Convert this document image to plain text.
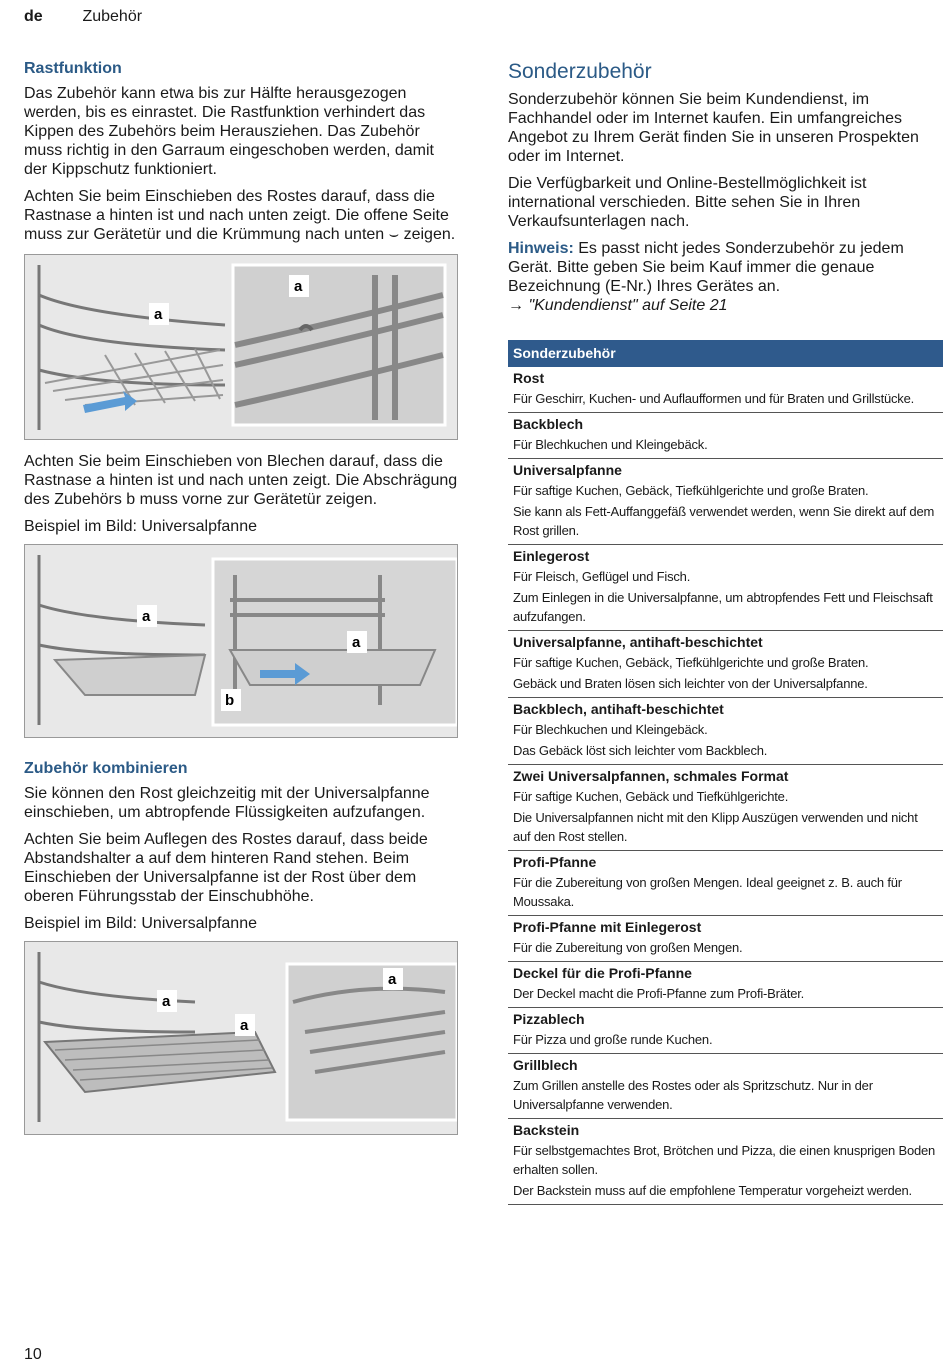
de Zubehör
Rastfunktion

Das Zubehör kann etwa bis zur Hälfte herausgezogen werden, bis es einrastet. Die Rastfunktion verhindert das Kippen des Zubehörs beim Herausziehen. Das Zubehör muss richtig in den Garraum eingeschoben werden, damit der Kippschutz funktioniert.

Achten Sie beim Einschieben des Rostes darauf, dass die Rastnase a hinten ist und nach unten zeigt. Die offene Seite muss zur Gerätetür und die Krümmung nach unten ⌣ zeigen.

a
a

Achten Sie beim Einschieben von Blechen darauf, dass die Rastnase a hinten ist und nach unten zeigt. Die Abschrägung des Zubehörs b muss vorne zur Gerätetür zeigen.

Beispiel im Bild: Universalpfanne

a
a
b
Zubehör kombinieren

Sie können den Rost gleichzeitig mit der Universalpfanne einschieben, um abtropfende Flüssigkeiten aufzufangen.

Achten Sie beim Auflegen des Rostes darauf, dass beide Abstandshalter a auf dem hinteren Rand stehen. Beim Einschieben der Universalpfanne ist der Rost über dem oberen Führungsstab der Einschubhöhe.

Beispiel im Bild: Universalpfanne

a
a
a
Sonderzubehör

Sonderzubehör können Sie beim Kundendienst, im Fachhandel oder im Internet kaufen. Ein umfangreiches Angebot zu Ihrem Gerät finden Sie in unseren Prospekten oder im Internet.

Die Verfügbarkeit und Online-Bestellmöglichkeit ist international verschieden. Bitte sehen Sie in Ihren Verkaufsunterlagen nach.

Hinweis: Es passt nicht jedes Sonderzubehör zu jedem Gerät. Bitte geben Sie beim Kauf immer die genaue Bezeichnung (E-Nr.) Ihres Gerätes an.
→ "Kundendienst" auf Seite 21

Sonderzubehör
Rost
Für Geschirr, Kuchen- und Auflaufformen und für Braten und Grillstücke.
Backblech
Für Blechkuchen und Kleingebäck.
Universalpfanne
Für saftige Kuchen, Gebäck, Tiefkühlgerichte und große Braten.
Sie kann als Fett-Auffanggefäß verwendet werden, wenn Sie direkt auf dem Rost grillen.
Einlegerost
Für Fleisch, Geflügel und Fisch.
Zum Einlegen in die Universalpfanne, um abtropfendes Fett und Fleischsaft aufzufangen.
Universalpfanne, antihaft-beschichtet
Für saftige Kuchen, Gebäck, Tiefkühlgerichte und große Braten.
Gebäck und Braten lösen sich leichter von der Universalpfanne.
Backblech, antihaft-beschichtet
Für Blechkuchen und Kleingebäck.
Das Gebäck löst sich leichter vom Backblech.
Zwei Universalpfannen, schmales Format
Für saftige Kuchen, Gebäck und Tiefkühlgerichte.
Die Universalpfannen nicht mit den Klipp Auszügen verwenden und nicht auf den Rost stellen.
Profi-Pfanne
Für die Zubereitung von großen Mengen. Ideal geeignet z. B. auch für Moussaka.
Profi-Pfanne mit Einlegerost
Für die Zubereitung von großen Mengen.
Deckel für die Profi-Pfanne
Der Deckel macht die Profi-Pfanne zum Profi-Bräter.
Pizzablech
Für Pizza und große runde Kuchen.
Grillblech
Zum Grillen anstelle des Rostes oder als Spritzschutz. Nur in der Universalpfanne verwenden.
Backstein
Für selbstgemachtes Brot, Brötchen und Pizza, die einen knusprigen Boden erhalten sollen.
Der Backstein muss auf die empfohlene Temperatur vorgeheizt werden.
10
